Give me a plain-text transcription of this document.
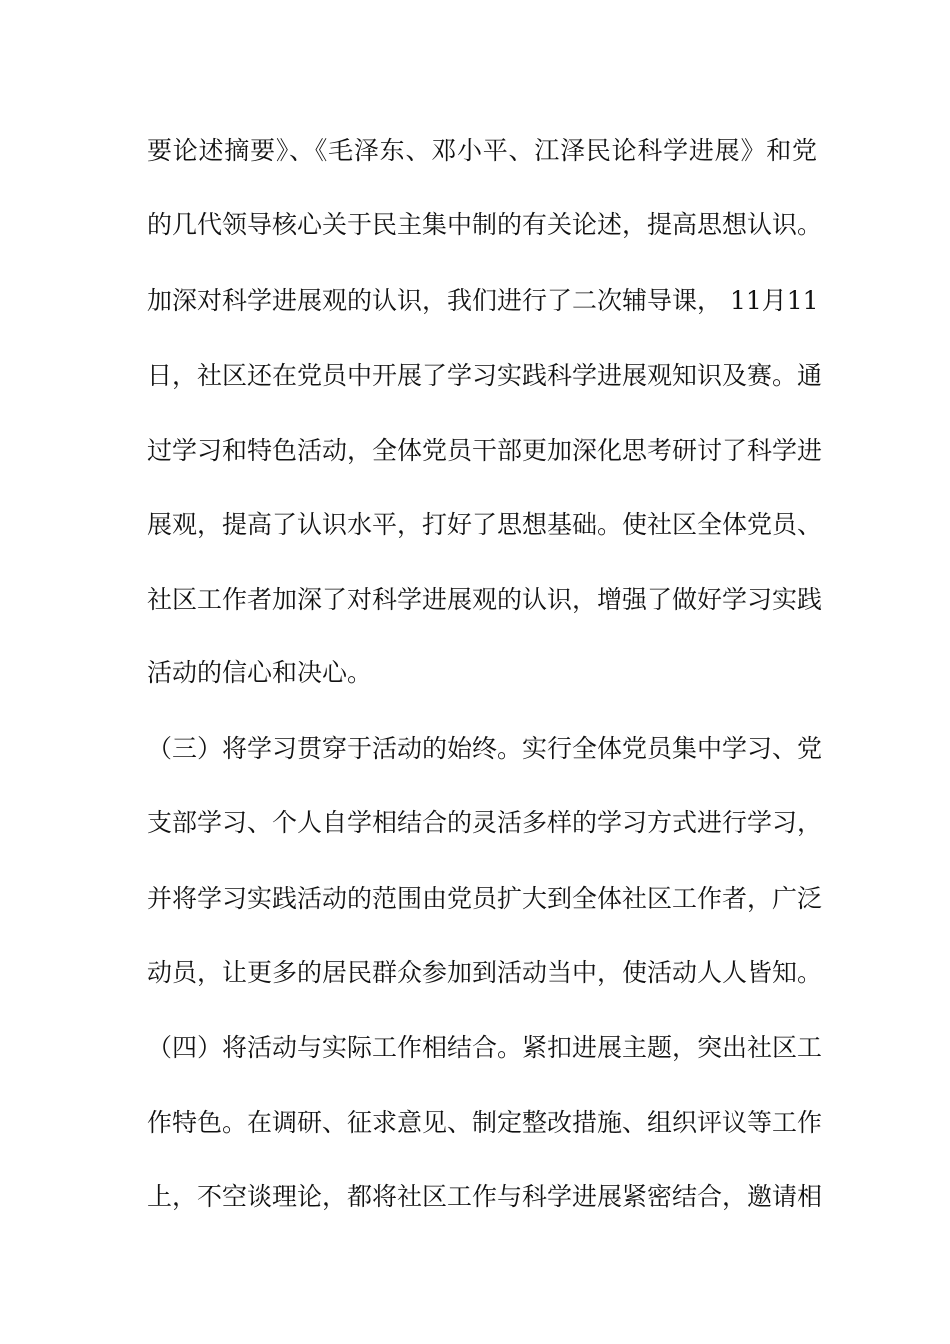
要论述摘要》、《毛泽东、邓小平、江泽民论科学进展》和党
的几代领导核心关于民主集中制的有关论述，提高思想认识。
加深对科学进展观的认识，我们进行了二次辅导课， 11月11
日，社区还在党员中开展了学习实践科学进展观知识及赛。通
过学习和特色活动，全体党员干部更加深化思考研讨了科学进
展观，提高了认识水平，打好了思想基础。使社区全体党员、
社区工作者加深了对科学进展观的认识，增强了做好学习实践
活动的信心和决心。
（三）将学习贯穿于活动的始终。实行全体党员集中学习、党
支部学习、个人自学相结合的灵活多样的学习方式进行学习，
并将学习实践活动的范围由党员扩大到全体社区工作者，广泛
动员，让更多的居民群众参加到活动当中，使活动人人皆知。
（四）将活动与实际工作相结合。紧扣进展主题，突出社区工
作特色。在调研、征求意见、制定整改措施、组织评议等工作
上，不空谈理论，都将社区工作与科学进展紧密结合，邀请相
